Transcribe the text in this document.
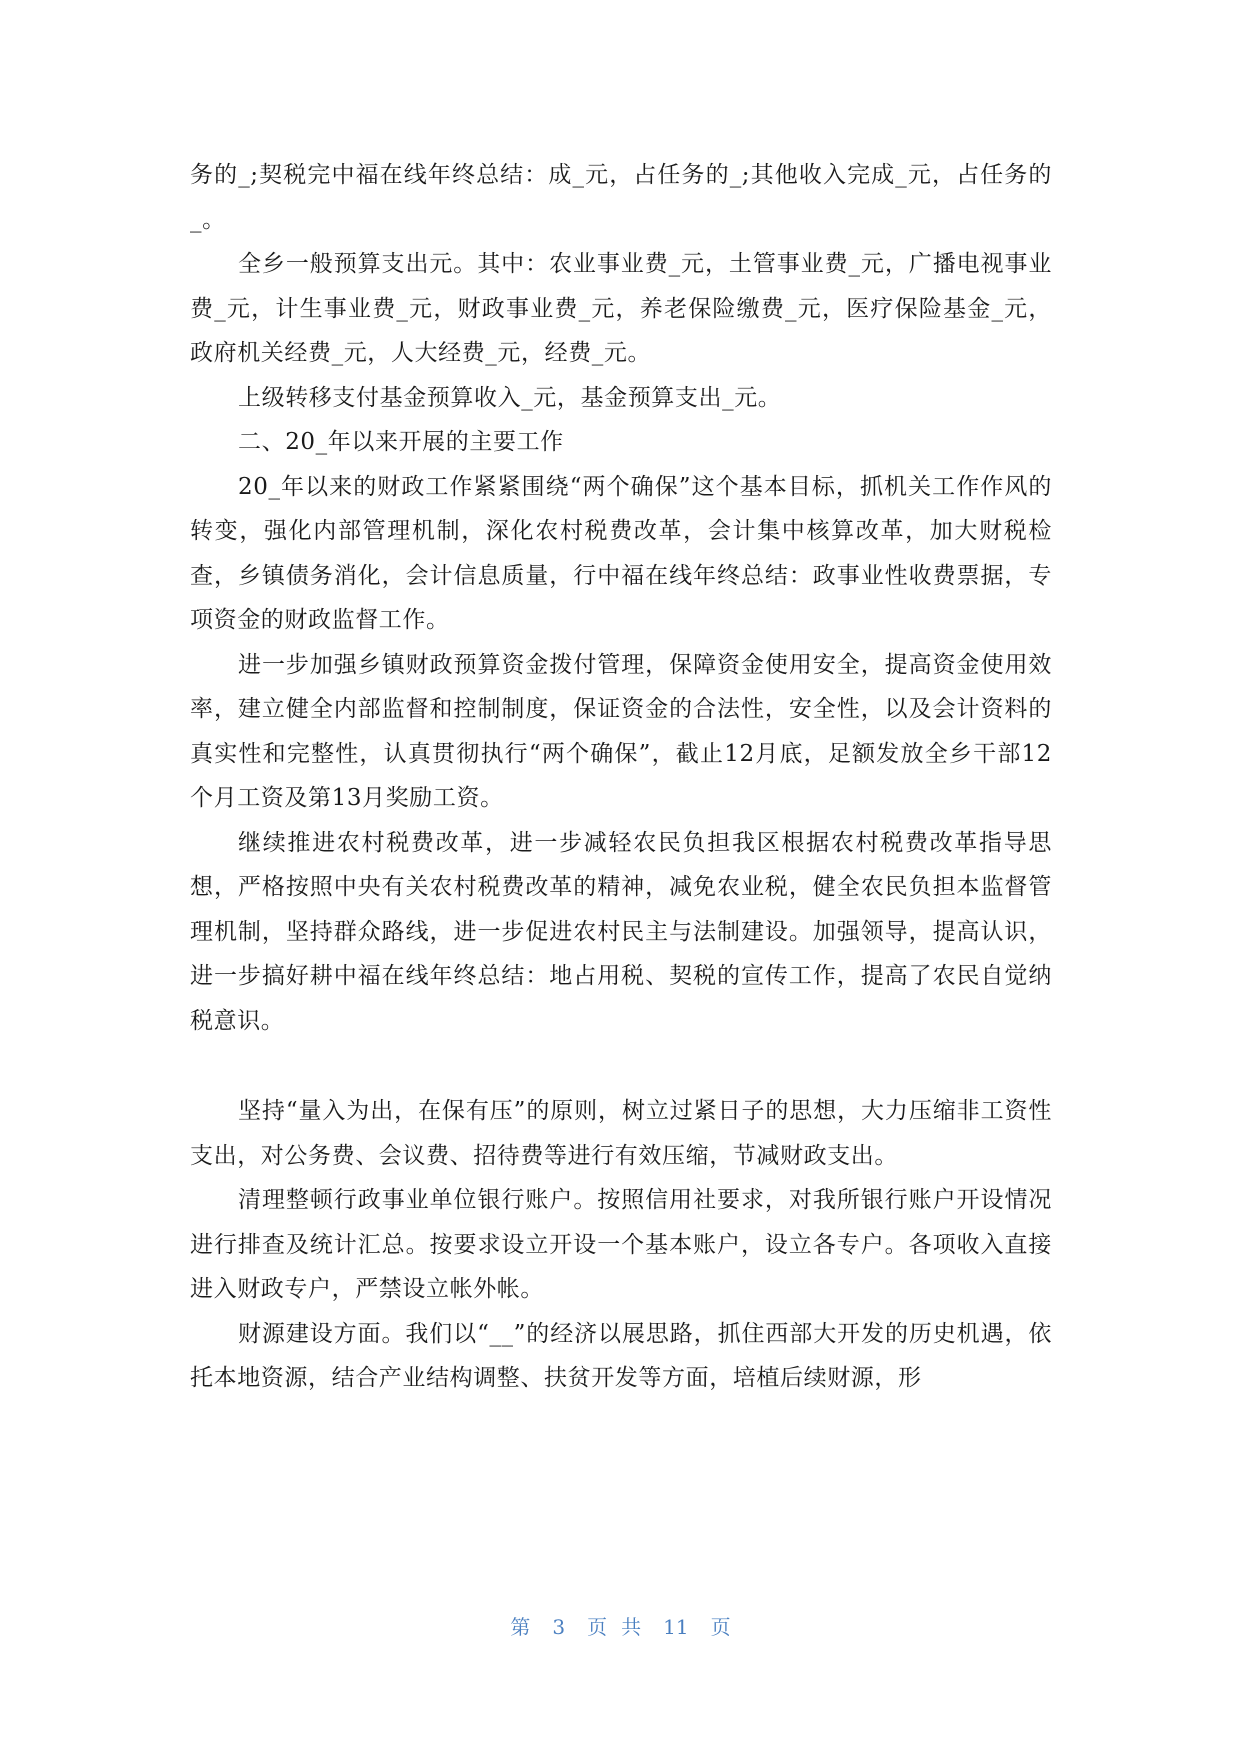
务的_;契税完中福在线年终总结：成_元，占任务的_;其他收入完成_元，占任务的_。

全乡一般预算支出元。其中：农业事业费_元，土管事业费_元，广播电视事业费_元，计生事业费_元，财政事业费_元，养老保险缴费_元，医疗保险基金_元，政府机关经费_元，人大经费_元，经费_元。

上级转移支付基金预算收入_元，基金预算支出_元。

二、20_年以来开展的主要工作

20_年以来的财政工作紧紧围绕“两个确保”这个基本目标，抓机关工作作风的转变，强化内部管理机制，深化农村税费改革，会计集中核算改革，加大财税检查，乡镇债务消化，会计信息质量，行中福在线年终总结：政事业性收费票据，专项资金的财政监督工作。

进一步加强乡镇财政预算资金拨付管理，保障资金使用安全，提高资金使用效率，建立健全内部监督和控制制度，保证资金的合法性，安全性，以及会计资料的真实性和完整性，认真贯彻执行“两个确保”，截止12月底，足额发放全乡干部12个月工资及第13月奖励工资。

继续推进农村税费改革，进一步减轻农民负担我区根据农村税费改革指导思想，严格按照中央有关农村税费改革的精神，减免农业税，健全农民负担本监督管理机制，坚持群众路线，进一步促进农村民主与法制建设。加强领导，提高认识，进一步搞好耕中福在线年终总结：地占用税、契税的宣传工作，提高了农民自觉纳税意识。

坚持“量入为出，在保有压”的原则，树立过紧日子的思想，大力压缩非工资性支出，对公务费、会议费、招待费等进行有效压缩，节减财政支出。

清理整顿行政事业单位银行账户。按照信用社要求，对我所银行账户开设情况进行排查及统计汇总。按要求设立开设一个基本账户，设立各专户。各项收入直接进入财政专户，严禁设立帐外帐。

财源建设方面。我们以“__”的经济以展思路，抓住西部大开发的历史机遇，依托本地资源，结合产业结构调整、扶贫开发等方面，培植后续财源，形

第 3 页共 11 页
